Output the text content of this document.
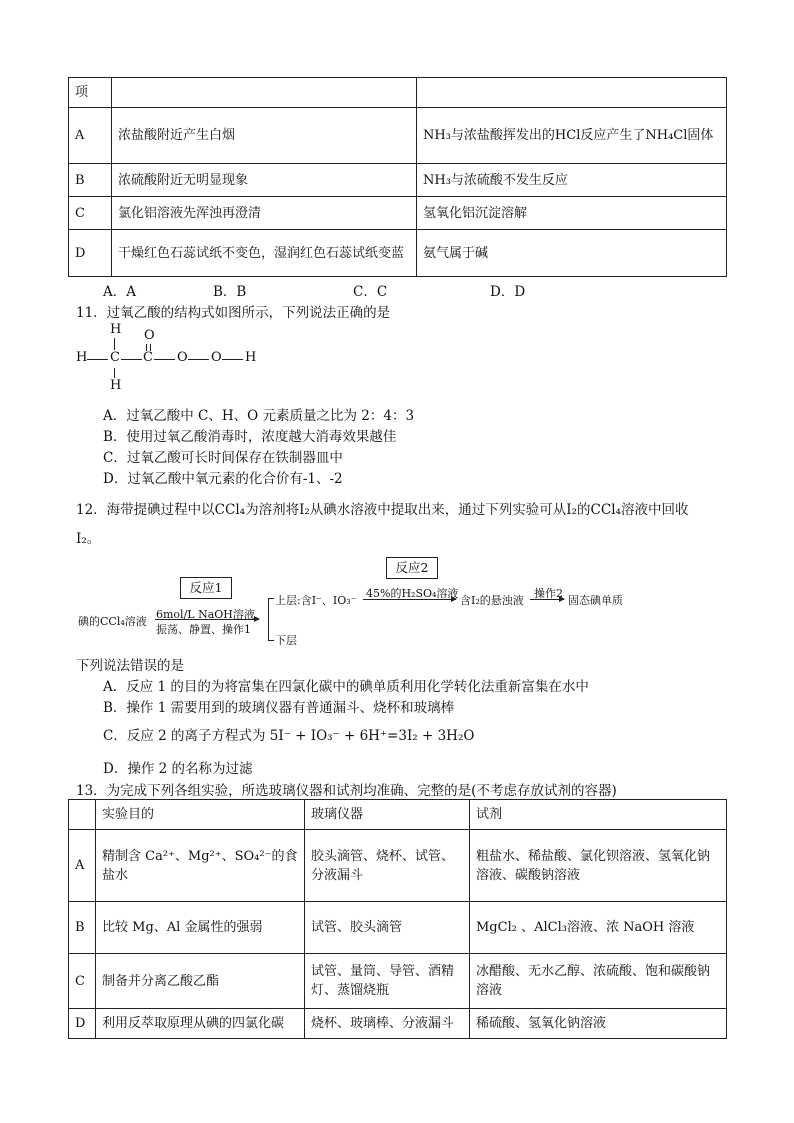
项		
A	浓盐酸附近产生白烟	NH₃与浓盐酸挥发出的HCl反应产生了NH₄Cl固体
B	浓硫酸附近无明显现象	NH₃与浓硫酸不发生反应
C	氯化铝溶液先浑浊再澄清	氢氧化铝沉淀溶解
D	干燥红色石蕊试纸不变色，湿润红色石蕊试纸变蓝	氨气属于碱
A．A	B．B	C．C	D．D
11．过氧乙酸的结构式如图所示，下列说法正确的是
H O
H C C O O H
H
A．过氧乙酸中 C、H、O 元素质量之比为 2：4：3
B．使用过氧乙酸消毒时，浓度越大消毒效果越佳
C．过氧乙酸可长时间保存在铁制器皿中
D．过氧乙酸中氧元素的化合价有-1、-2
12．海带提碘过程中以CCl₄为溶剂将I₂从碘水溶液中提取出来，通过下列实验可从I₂的CCl₄溶液中回收
I₂。
碘的CCl₄溶液
反应1
6mol/L NaOH溶液
振荡、静置、操作1
上层:含I⁻、IO₃⁻
下层
反应2
45%的H₂SO₄溶液
含I₂的悬浊液
操作2
固态碘单质
下列说法错误的是
A．反应 1 的目的为将富集在四氯化碳中的碘单质利用化学转化法重新富集在水中
B．操作 1 需要用到的玻璃仪器有普通漏斗、烧杯和玻璃棒
C．反应 2 的离子方程式为 5I⁻ + IO₃⁻ + 6H⁺=3I₂ + 3H₂O
D．操作 2 的名称为过滤
13．为完成下列各组实验，所选玻璃仪器和试剂均准确、完整的是(不考虑存放试剂的容器)
	实验目的	玻璃仪器	试剂
A	精制含 Ca²⁺、Mg²⁺、SO₄²⁻的食盐水	胶头滴管、烧杯、试管、分液漏斗	粗盐水、稀盐酸、氯化钡溶液、氢氧化钠溶液、碳酸钠溶液
B	比较 Mg、Al 金属性的强弱	试管、胶头滴管	MgCl₂ 、AlCl₃溶液、浓 NaOH 溶液
C	制备并分离乙酸乙酯	试管、量筒、导管、酒精灯、蒸馏烧瓶	冰醋酸、无水乙醇、浓硫酸、饱和碳酸钠溶液
D	利用反萃取原理从碘的四氯化碳	烧杯、玻璃棒、分液漏斗	稀硫酸、氢氧化钠溶液
